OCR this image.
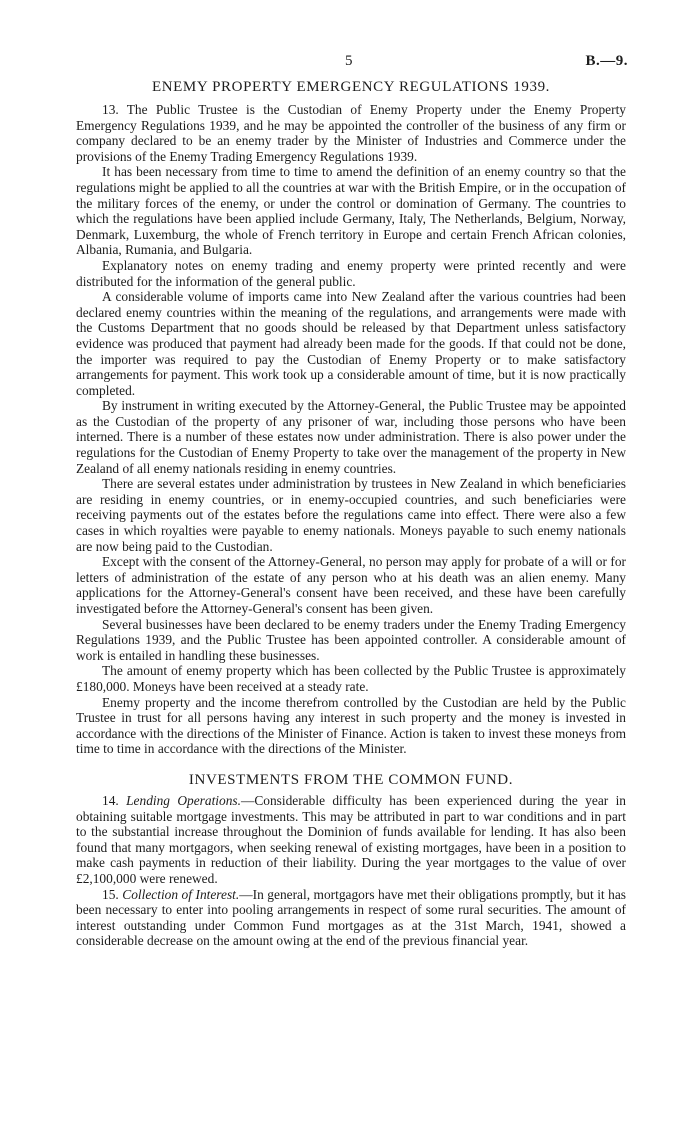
5	B.—9.
ENEMY PROPERTY EMERGENCY REGULATIONS 1939.

13. The Public Trustee is the Custodian of Enemy Property under the Enemy Property Emergency Regulations 1939, and he may be appointed the controller of the business of any firm or company declared to be an enemy trader by the Minister of Industries and Commerce under the provisions of the Enemy Trading Emergency Regulations 1939.

It has been necessary from time to time to amend the definition of an enemy country so that the regulations might be applied to all the countries at war with the British Empire, or in the occupation of the military forces of the enemy, or under the control or domination of Germany. The countries to which the regulations have been applied include Germany, Italy, The Netherlands, Belgium, Norway, Denmark, Luxemburg, the whole of French territory in Europe and certain French African colonies, Albania, Rumania, and Bulgaria.

Explanatory notes on enemy trading and enemy property were printed recently and were distributed for the information of the general public.

A considerable volume of imports came into New Zealand after the various countries had been declared enemy countries within the meaning of the regulations, and arrangements were made with the Customs Department that no goods should be released by that Department unless satisfactory evidence was produced that payment had already been made for the goods. If that could not be done, the importer was required to pay the Custodian of Enemy Property or to make satisfactory arrangements for payment. This work took up a considerable amount of time, but it is now practically completed.

By instrument in writing executed by the Attorney-General, the Public Trustee may be appointed as the Custodian of the property of any prisoner of war, including those persons who have been interned. There is a number of these estates now under administration. There is also power under the regulations for the Custodian of Enemy Property to take over the management of the property in New Zealand of all enemy nationals residing in enemy countries.

There are several estates under administration by trustees in New Zealand in which beneficiaries are residing in enemy countries, or in enemy-occupied countries, and such beneficiaries were receiving payments out of the estates before the regulations came into effect. There were also a few cases in which royalties were payable to enemy nationals. Moneys payable to such enemy nationals are now being paid to the Custodian.

Except with the consent of the Attorney-General, no person may apply for probate of a will or for letters of administration of the estate of any person who at his death was an alien enemy. Many applications for the Attorney-General's consent have been received, and these have been carefully investigated before the Attorney-General's consent has been given.

Several businesses have been declared to be enemy traders under the Enemy Trading Emergency Regulations 1939, and the Public Trustee has been appointed controller. A considerable amount of work is entailed in handling these businesses.

The amount of enemy property which has been collected by the Public Trustee is approximately £180,000. Moneys have been received at a steady rate.

Enemy property and the income therefrom controlled by the Custodian are held by the Public Trustee in trust for all persons having any interest in such property and the money is invested in accordance with the directions of the Minister of Finance. Action is taken to invest these moneys from time to time in accordance with the directions of the Minister.

INVESTMENTS FROM THE COMMON FUND.

14. Lending Operations.—Considerable difficulty has been experienced during the year in obtaining suitable mortgage investments. This may be attributed in part to war conditions and in part to the substantial increase throughout the Dominion of funds available for lending. It has also been found that many mortgagors, when seeking renewal of existing mortgages, have been in a position to make cash payments in reduction of their liability. During the year mortgages to the value of over £2,100,000 were renewed.

15. Collection of Interest.—In general, mortgagors have met their obligations promptly, but it has been necessary to enter into pooling arrangements in respect of some rural securities. The amount of interest outstanding under Common Fund mortgages as at the 31st March, 1941, showed a considerable decrease on the amount owing at the end of the previous financial year.
